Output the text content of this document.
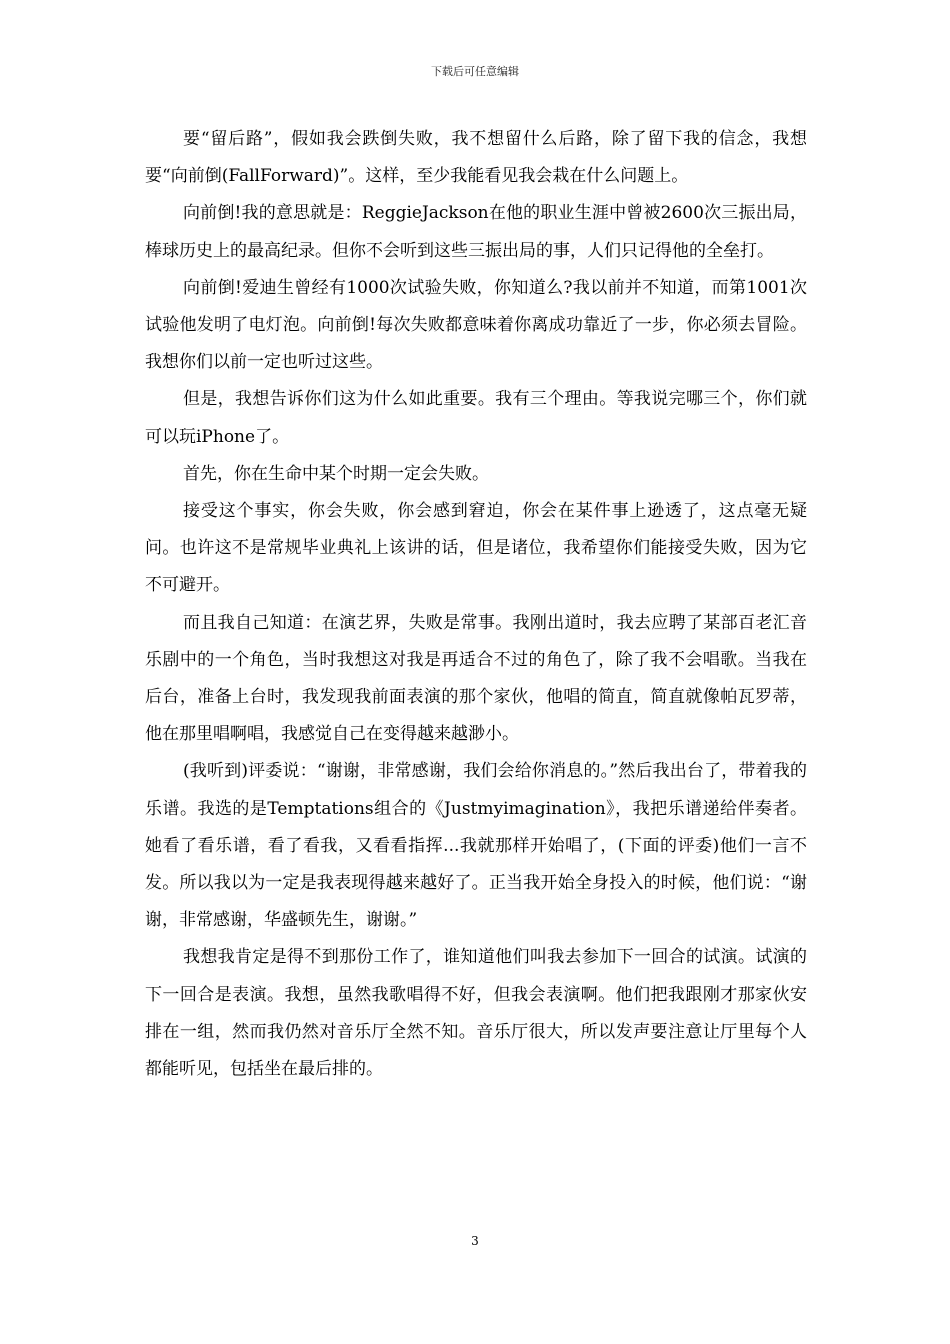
下载后可任意编辑

要“留后路”，假如我会跌倒失败，我不想留什么后路，除了留下我的信念，我想要“向前倒(FallForward)”。这样，至少我能看见我会栽在什么问题上。

向前倒!我的意思就是：ReggieJackson在他的职业生涯中曾被2600次三振出局，棒球历史上的最高纪录。但你不会听到这些三振出局的事，人们只记得他的全垒打。

向前倒!爱迪生曾经有1000次试验失败，你知道么?我以前并不知道，而第1001次试验他发明了电灯泡。向前倒!每次失败都意味着你离成功靠近了一步，你必须去冒险。我想你们以前一定也听过这些。

但是，我想告诉你们这为什么如此重要。我有三个理由。等我说完哪三个，你们就可以玩iPhone了。

首先，你在生命中某个时期一定会失败。

接受这个事实，你会失败，你会感到窘迫，你会在某件事上逊透了，这点毫无疑问。也许这不是常规毕业典礼上该讲的话，但是诸位，我希望你们能接受失败，因为它不可避开。

而且我自己知道：在演艺界，失败是常事。我刚出道时，我去应聘了某部百老汇音乐剧中的一个角色，当时我想这对我是再适合不过的角色了，除了我不会唱歌。当我在后台，准备上台时，我发现我前面表演的那个家伙，他唱的简直，简直就像帕瓦罗蒂，他在那里唱啊唱，我感觉自己在变得越来越渺小。

(我听到)评委说：“谢谢，非常感谢，我们会给你消息的。”然后我出台了，带着我的乐谱。我选的是Temptations组合的《Justmyimagination》，我把乐谱递给伴奏者。她看了看乐谱，看了看我，又看看指挥...我就那样开始唱了，(下面的评委)他们一言不发。所以我以为一定是我表现得越来越好了。正当我开始全身投入的时候，他们说：“谢谢，非常感谢，华盛顿先生，谢谢。”

我想我肯定是得不到那份工作了，谁知道他们叫我去参加下一回合的试演。试演的下一回合是表演。我想，虽然我歌唱得不好，但我会表演啊。他们把我跟刚才那家伙安排在一组，然而我仍然对音乐厅全然不知。音乐厅很大，所以发声要注意让厅里每个人都能听见，包括坐在最后排的。

3
